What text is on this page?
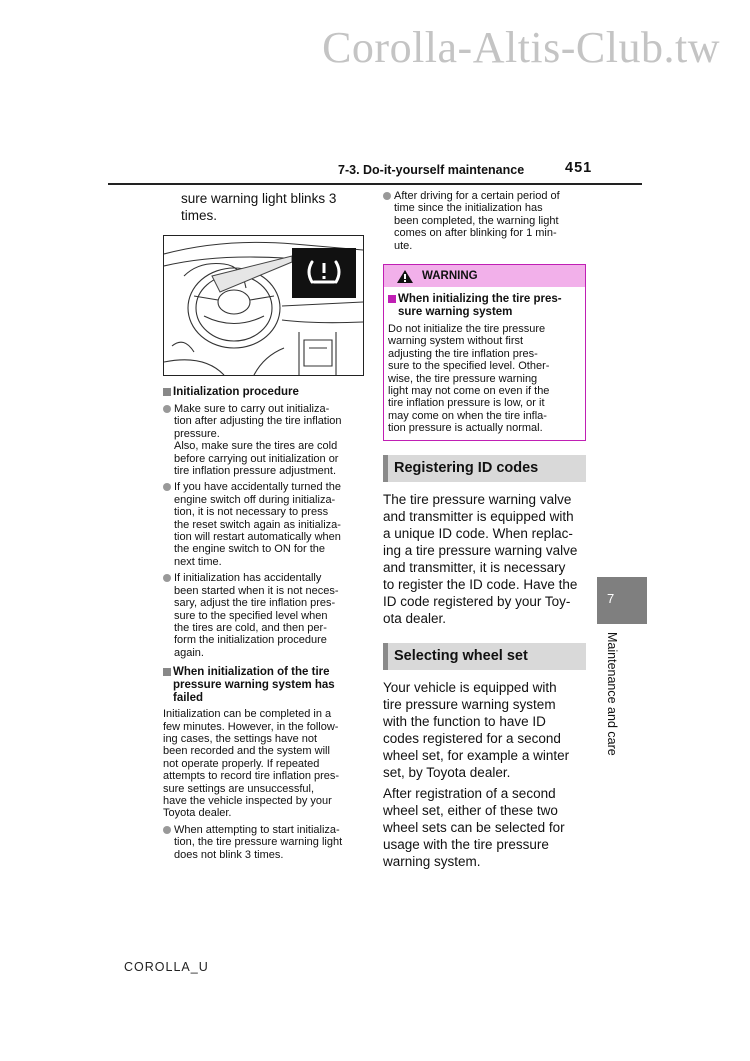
Corolla-Altis-Club.tw
7-3. Do-it-yourself maintenance	451

sure warning light blinks 3
times.

Initialization procedure
Make sure to carry out initializa-
tion after adjusting the tire inflation
pressure.
Also, make sure the tires are cold
before carrying out initialization or
tire inflation pressure adjustment.
If you have accidentally turned the
engine switch off during initializa-
tion, it is not necessary to press
the reset switch again as initializa-
tion will restart automatically when
the engine switch to ON for the
next time.
If initialization has accidentally
been started when it is not neces-
sary, adjust the tire inflation pres-
sure to the specified level when
the tires are cold, and then per-
form the initialization procedure
again.
When initialization of the tire
pressure warning system has
failed
Initialization can be completed in a
few minutes. However, in the follow-
ing cases, the settings have not
been recorded and the system will
not operate properly. If repeated
attempts to record tire inflation pres-
sure settings are unsuccessful,
have the vehicle inspected by your
Toyota dealer.
When attempting to start initializa-
tion, the tire pressure warning light
does not blink 3 times.
After driving for a certain period of
time since the initialization has
been completed, the warning light
comes on after blinking for 1 min-
ute.
WARNING
When initializing the tire pres-
sure warning system
Do not initialize the tire pressure
warning system without first
adjusting the tire inflation pres-
sure to the specified level. Other-
wise, the tire pressure warning
light may not come on even if the
tire inflation pressure is low, or it
may come on when the tire infla-
tion pressure is actually normal.
Registering ID codes
The tire pressure warning valve
and transmitter is equipped with
a unique ID code. When replac-
ing a tire pressure warning valve
and transmitter, it is necessary
to register the ID code. Have the
ID code registered by your Toy-
ota dealer.
Selecting wheel set
Your vehicle is equipped with
tire pressure warning system
with the function to have ID
codes registered for a second
wheel set, for example a winter
set, by Toyota dealer.
After registration of a second
wheel set, either of these two
wheel sets can be selected for
usage with the tire pressure
warning system.
7
Maintenance and care
COROLLA_U
